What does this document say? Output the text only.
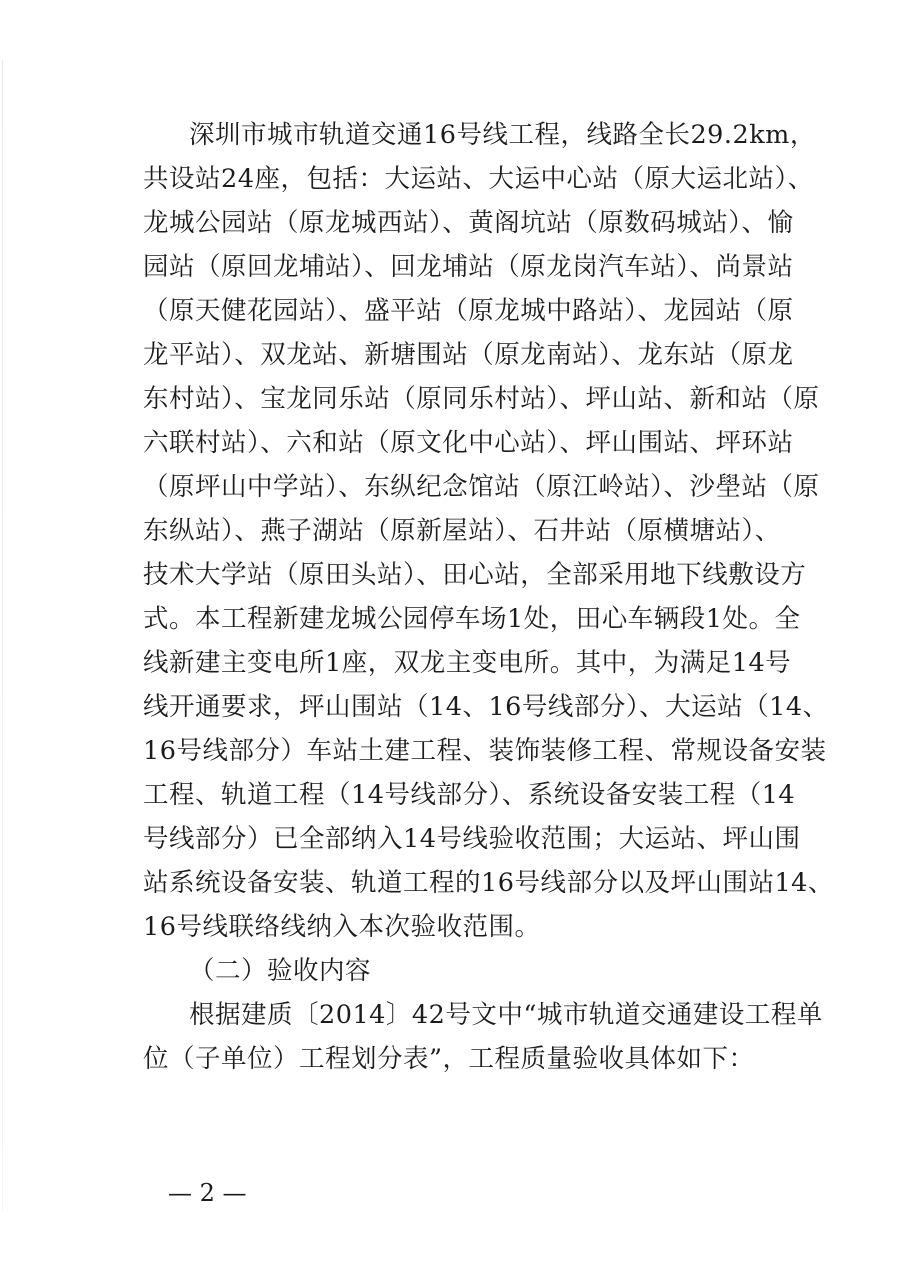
深圳市城市轨道交通16号线工程，线路全长29.2km，
共设站24座，包括：大运站、大运中心站（原大运北站）、
龙城公园站（原龙城西站）、黄阁坑站（原数码城站）、愉
园站（原回龙埔站）、回龙埔站（原龙岗汽车站）、尚景站
（原天健花园站）、盛平站（原龙城中路站）、龙园站（原
龙平站）、双龙站、新塘围站（原龙南站）、龙东站（原龙
东村站）、宝龙同乐站（原同乐村站）、坪山站、新和站（原
六联村站）、六和站（原文化中心站）、坪山围站、坪环站
（原坪山中学站）、东纵纪念馆站（原江岭站）、沙壆站（原
东纵站）、燕子湖站（原新屋站）、石井站（原横塘站）、
技术大学站（原田头站）、田心站，全部采用地下线敷设方
式。本工程新建龙城公园停车场1处，田心车辆段1处。全
线新建主变电所1座，双龙主变电所。其中，为满足14号
线开通要求，坪山围站（14、16号线部分）、大运站（14、
16号线部分）车站土建工程、装饰装修工程、常规设备安装
工程、轨道工程（14号线部分）、系统设备安装工程（14
号线部分）已全部纳入14号线验收范围；大运站、坪山围
站系统设备安装、轨道工程的16号线部分以及坪山围站14、
16号线联络线纳入本次验收范围。
（二）验收内容
根据建质〔2014〕42号文中“城市轨道交通建设工程单
位（子单位）工程划分表”，工程质量验收具体如下：
— 2 —
